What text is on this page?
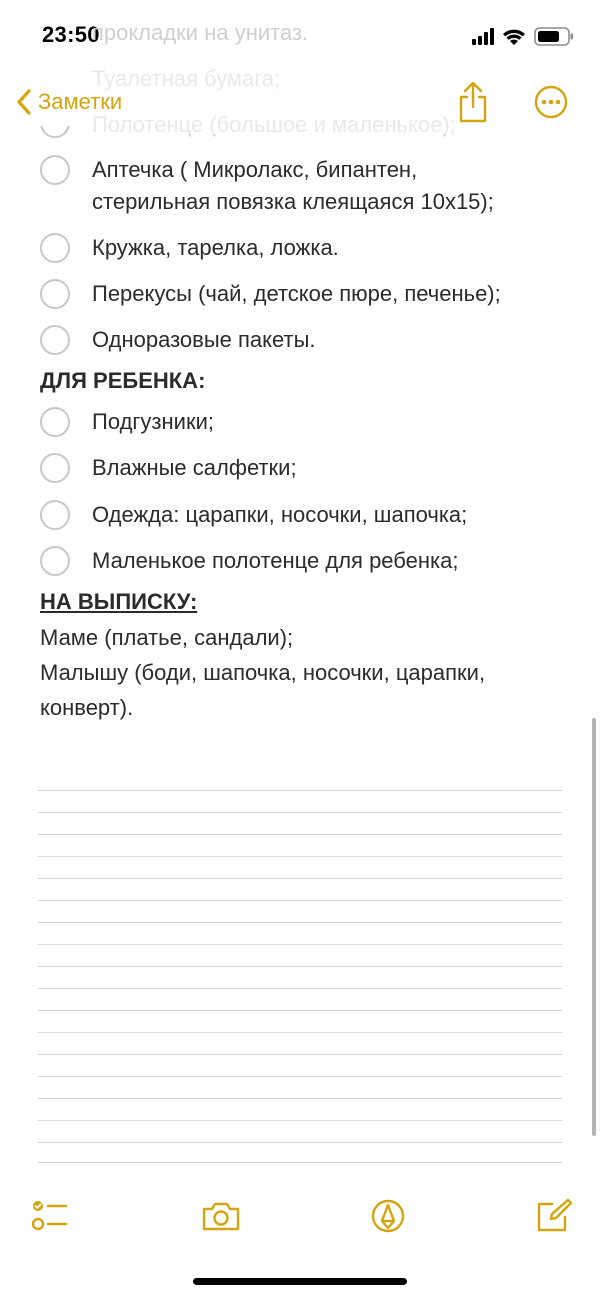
23:50
прокладки на унитаз.
Заметки
Аптечка ( Микролакс, бипантен,
стерильная повязка клеящаяся 10х15);
Кружка, тарелка, ложка.
Перекусы (чай, детское пюре, печенье);
Одноразовые пакеты.
ДЛЯ РЕБЕНКА:
Подгузники;
Влажные салфетки;
Одежда: царапки, носочки, шапочка;
Маленькое полотенце для ребенка;
НА ВЫПИСКУ:
Маме (платье, сандали);
Малышу (боди, шапочка, носочки, царапки,
конверт).
